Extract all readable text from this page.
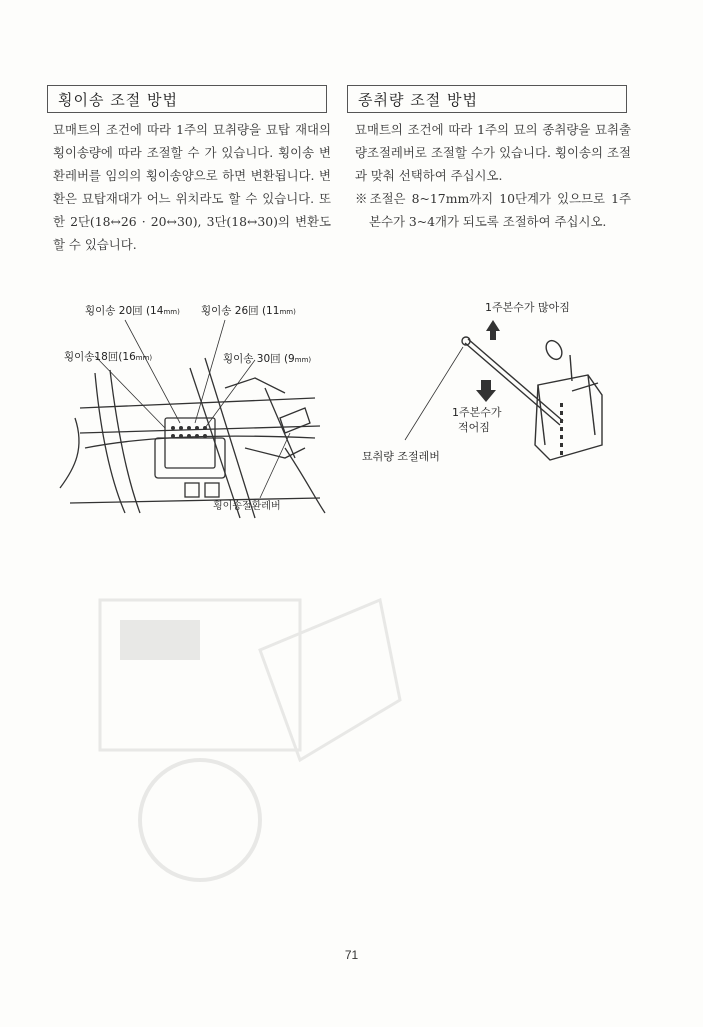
횡이송 조절 방법	종취량 조절 방법

묘매트의 조건에 따라 1주의 묘취량을 묘탑 재대의 횡이송량에 따라 조절할 수 가 있습니다. 횡이송 변환레버를 임의의 횡이송양으로 하면 변환됩니다. 변환은 묘탑재대가 어느 위치라도 할 수 있습니다. 또한 2단(18↔26 · 20↔30), 3단(18↔30)의 변환도 할 수 있습니다.

묘매트의 조건에 따라 1주의 묘의 종취량을 묘취출량조절레버로 조절할 수가 있습니다. 횡이송의 조절과 맞춰 선택하여 주십시오.

※조절은 8~17mm까지 10단계가 있으므로 1주본수가 3~4개가 되도록 조절하여 주십시오.

횡이송 20回 (14mm) 횡이송 26回 (11mm)
횡이송18回(16mm)	횡이송 30回 (9mm)
횡이송절환레버
1주본수가 많아짐
1주본수가
적어짐
묘취량 조절레버
71
